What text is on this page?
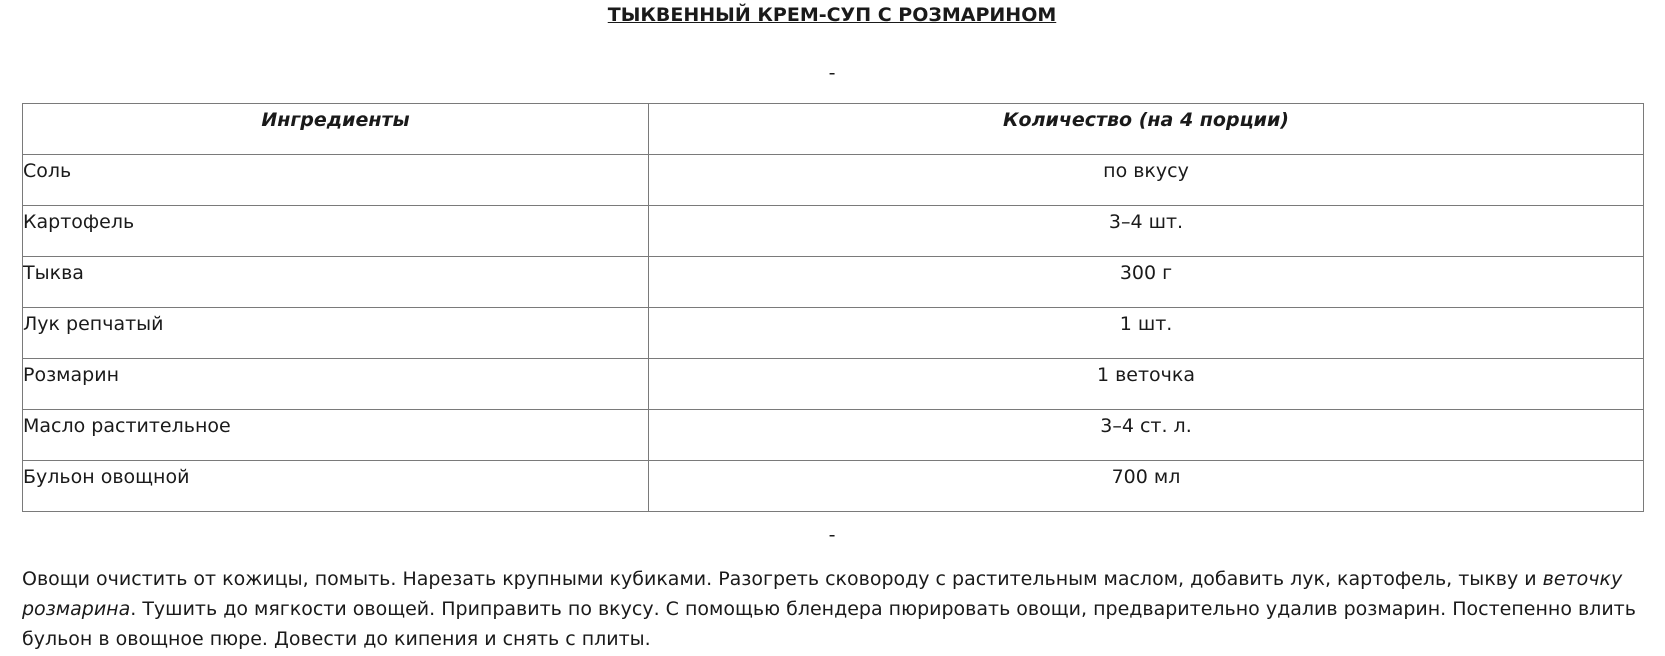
ТЫКВЕННЫЙ КРЕМ-СУП С РОЗМАРИНОМ
-
Ингредиенты	Количество (на 4 порции)
Соль	по вкусу
Картофель	3–4 шт.
Тыква	300 г
Лук репчатый	1 шт.
Розмарин	1 веточка
Масло растительное	3–4 ст. л.
Бульон овощной	700 мл
-
Овощи очистить от кожицы, помыть. Нарезать крупными кубиками. Разогреть сковороду с растительным маслом, добавить лук, картофель, тыкву и веточку розмарина. Тушить до мягкости овощей. Приправить по вкусу. С помощью блендера пюрировать овощи, предварительно удалив розмарин. Постепенно влить бульон в овощное пюре. Довести до кипения и снять с плиты.
